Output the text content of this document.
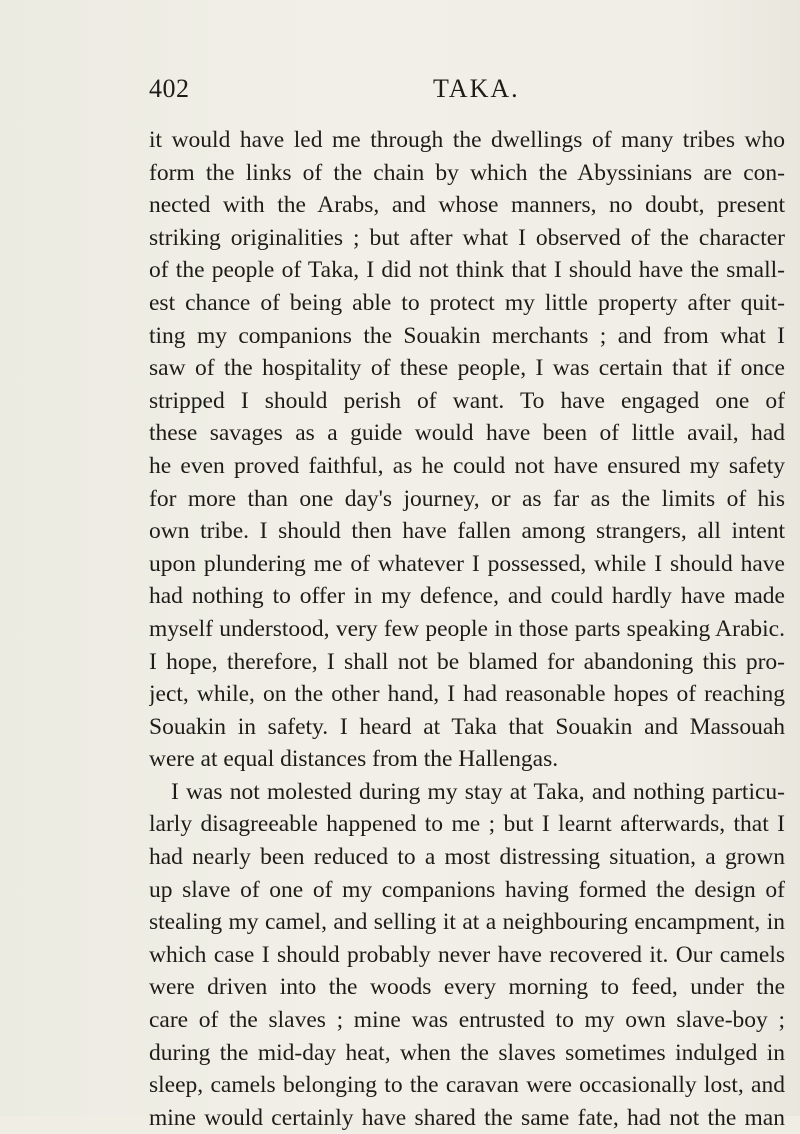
402	TAKA.
it would have led me through the dwellings of many tribes who
form the links of the chain by which the Abyssinians are con-
nected with the Arabs, and whose manners, no doubt, present
striking originalities ; but after what I observed of the character
of the people of Taka, I did not think that I should have the small-
est chance of being able to protect my little property after quit-
ting my companions the Souakin merchants ; and from what I
saw of the hospitality of these people, I was certain that if once
stripped I should perish of want. To have engaged one of
these savages as a guide would have been of little avail, had
he even proved faithful, as he could not have ensured my safety
for more than one day's journey, or as far as the limits of his
own tribe. I should then have fallen among strangers, all intent
upon plundering me of whatever I possessed, while I should have
had nothing to offer in my defence, and could hardly have made
myself understood, very few people in those parts speaking Arabic.
I hope, therefore, I shall not be blamed for abandoning this pro-
ject, while, on the other hand, I had reasonable hopes of reaching
Souakin in safety. I heard at Taka that Souakin and Massouah
were at equal distances from the Hallengas.
I was not molested during my stay at Taka, and nothing particu-
larly disagreeable happened to me ; but I learnt afterwards, that I
had nearly been reduced to a most distressing situation, a grown
up slave of one of my companions having formed the design of
stealing my camel, and selling it at a neighbouring encampment, in
which case I should probably never have recovered it. Our camels
were driven into the woods every morning to feed, under the
care of the slaves ; mine was entrusted to my own slave-boy ;
during the mid-day heat, when the slaves sometimes indulged in
sleep, camels belonging to the caravan were occasionally lost, and
mine would certainly have shared the same fate, had not the man
